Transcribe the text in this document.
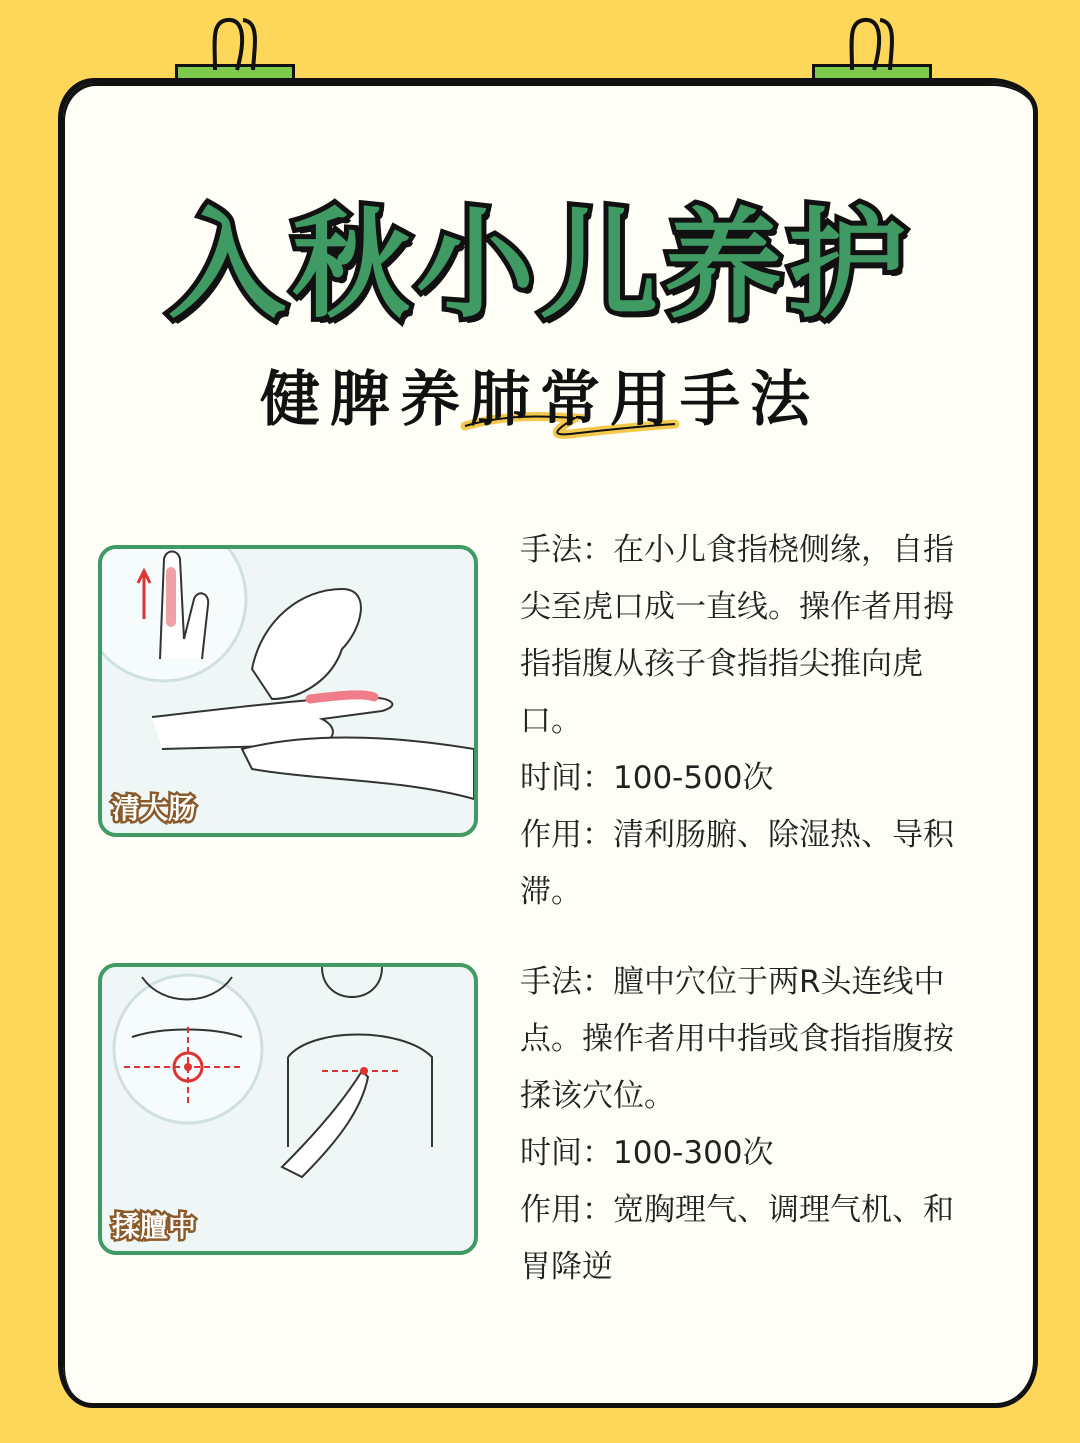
入秋小儿养护
健脾养肺常用手法
清大肠

手法：在小儿食指桡侧缘，自指尖至虎口成一直线。操作者用拇指指腹从孩子食指指尖推向虎口。

时间：100-500次

作用：清利肠腑、除湿热、导积滞。

揉膻中

手法：膻中穴位于两R头连线中点。操作者用中指或食指指腹按揉该穴位。

时间：100-300次

作用：宽胸理气、调理气机、和胃降逆
